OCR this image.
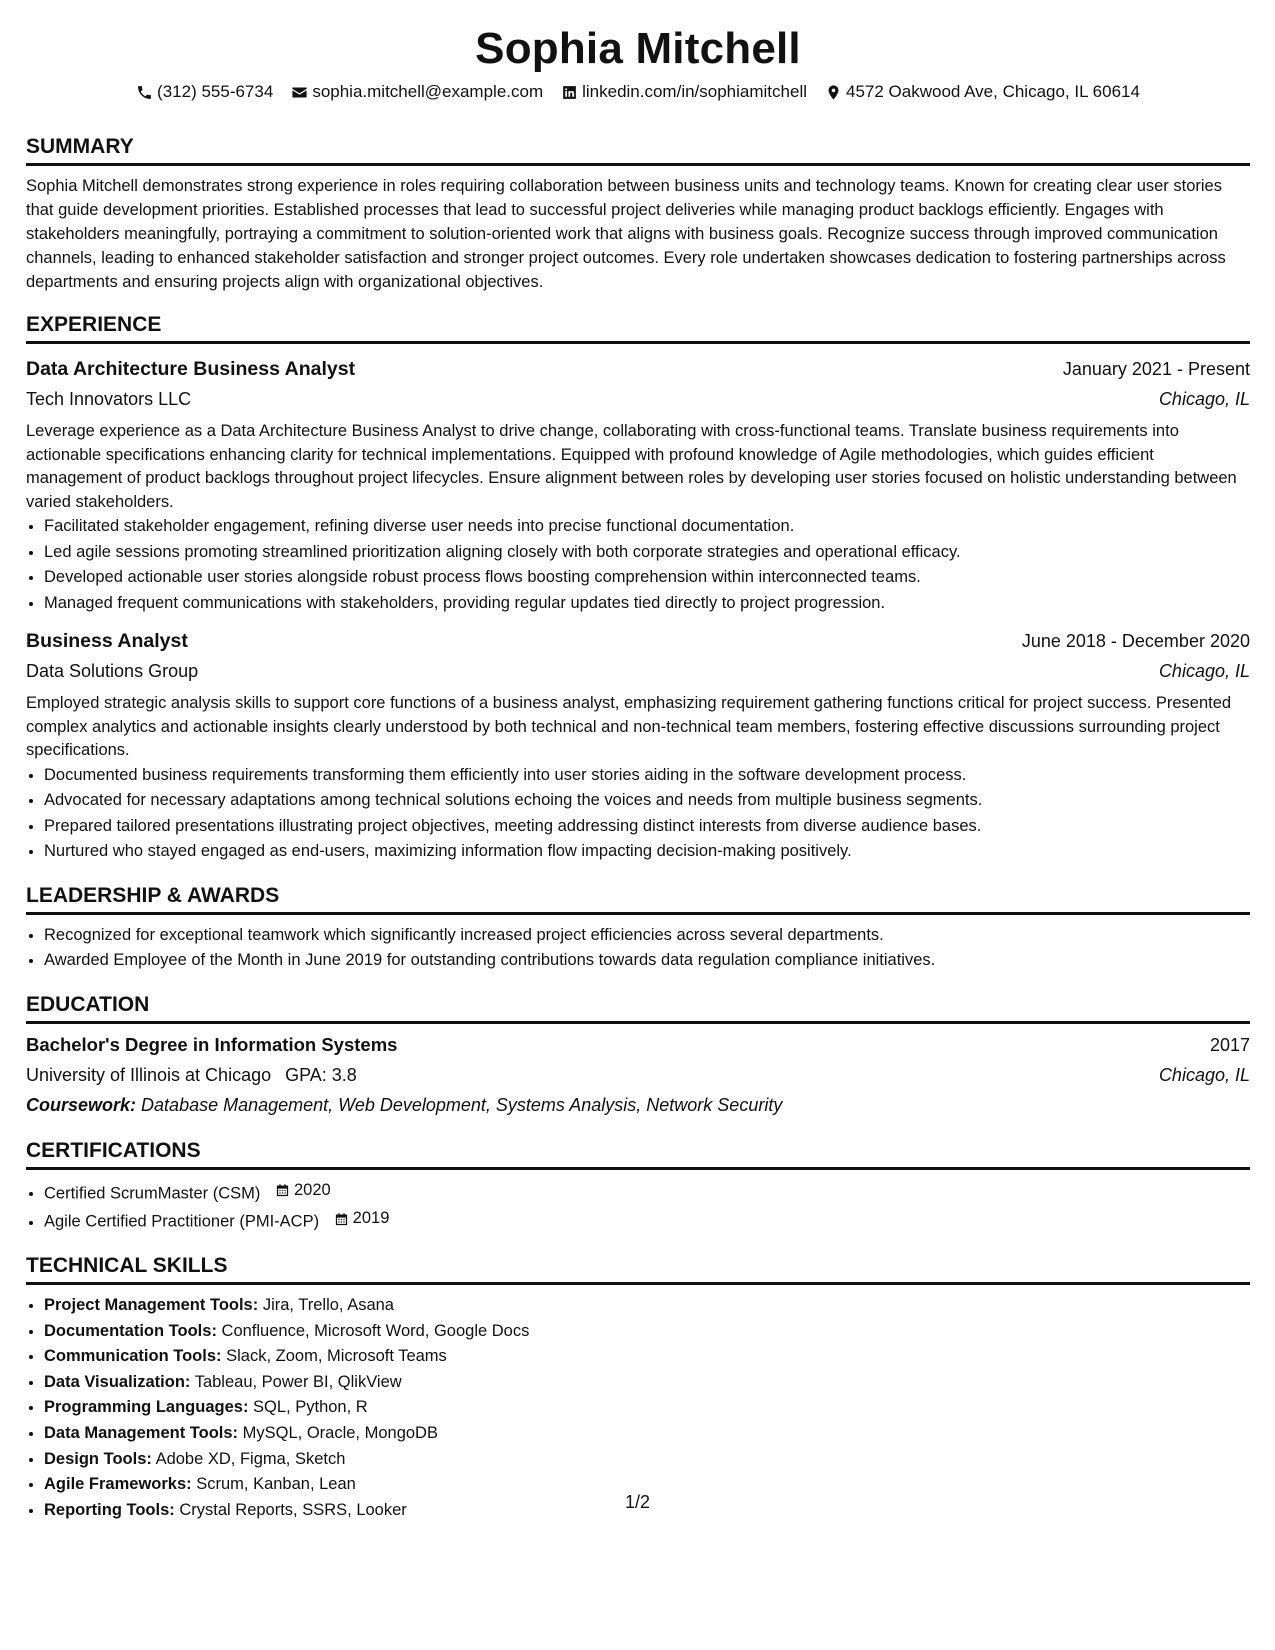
Sophia Mitchell
(312) 555-6734 sophia.mitchell@example.com linkedin.com/in/sophiamitchell 4572 Oakwood Ave, Chicago, IL 60614
SUMMARY
Sophia Mitchell demonstrates strong experience in roles requiring collaboration between business units and technology teams. Known for creating clear user stories that guide development priorities. Established processes that lead to successful project deliveries while managing product backlogs efficiently. Engages with stakeholders meaningfully, portraying a commitment to solution-oriented work that aligns with business goals. Recognize success through improved communication channels, leading to enhanced stakeholder satisfaction and stronger project outcomes. Every role undertaken showcases dedication to fostering partnerships across departments and ensuring projects align with organizational objectives.
EXPERIENCE
Data Architecture Business Analyst	January 2021 - Present
Tech Innovators LLC	Chicago, IL
Leverage experience as a Data Architecture Business Analyst to drive change, collaborating with cross-functional teams. Translate business requirements into actionable specifications enhancing clarity for technical implementations. Equipped with profound knowledge of Agile methodologies, which guides efficient management of product backlogs throughout project lifecycles. Ensure alignment between roles by developing user stories focused on holistic understanding between varied stakeholders.
• Facilitated stakeholder engagement, refining diverse user needs into precise functional documentation.
• Led agile sessions promoting streamlined prioritization aligning closely with both corporate strategies and operational efficacy.
• Developed actionable user stories alongside robust process flows boosting comprehension within interconnected teams.
• Managed frequent communications with stakeholders, providing regular updates tied directly to project progression.
Business Analyst	June 2018 - December 2020
Data Solutions Group	Chicago, IL
Employed strategic analysis skills to support core functions of a business analyst, emphasizing requirement gathering functions critical for project success. Presented complex analytics and actionable insights clearly understood by both technical and non-technical team members, fostering effective discussions surrounding project specifications.
• Documented business requirements transforming them efficiently into user stories aiding in the software development process.
• Advocated for necessary adaptations among technical solutions echoing the voices and needs from multiple business segments.
• Prepared tailored presentations illustrating project objectives, meeting addressing distinct interests from diverse audience bases.
• Nurtured who stayed engaged as end-users, maximizing information flow impacting decision-making positively.
LEADERSHIP & AWARDS
• Recognized for exceptional teamwork which significantly increased project efficiencies across several departments.
• Awarded Employee of the Month in June 2019 for outstanding contributions towards data regulation compliance initiatives.
EDUCATION
Bachelor's Degree in Information Systems	2017
University of Illinois at Chicago GPA: 3.8	Chicago, IL
Coursework: Database Management, Web Development, Systems Analysis, Network Security
CERTIFICATIONS
• Certified ScrumMaster (CSM) 2020
• Agile Certified Practitioner (PMI-ACP) 2019
TECHNICAL SKILLS
• Project Management Tools: Jira, Trello, Asana
• Documentation Tools: Confluence, Microsoft Word, Google Docs
• Communication Tools: Slack, Zoom, Microsoft Teams
• Data Visualization: Tableau, Power BI, QlikView
• Programming Languages: SQL, Python, R
• Data Management Tools: MySQL, Oracle, MongoDB
• Design Tools: Adobe XD, Figma, Sketch
• Agile Frameworks: Scrum, Kanban, Lean
• Reporting Tools: Crystal Reports, SSRS, Looker	1/2
